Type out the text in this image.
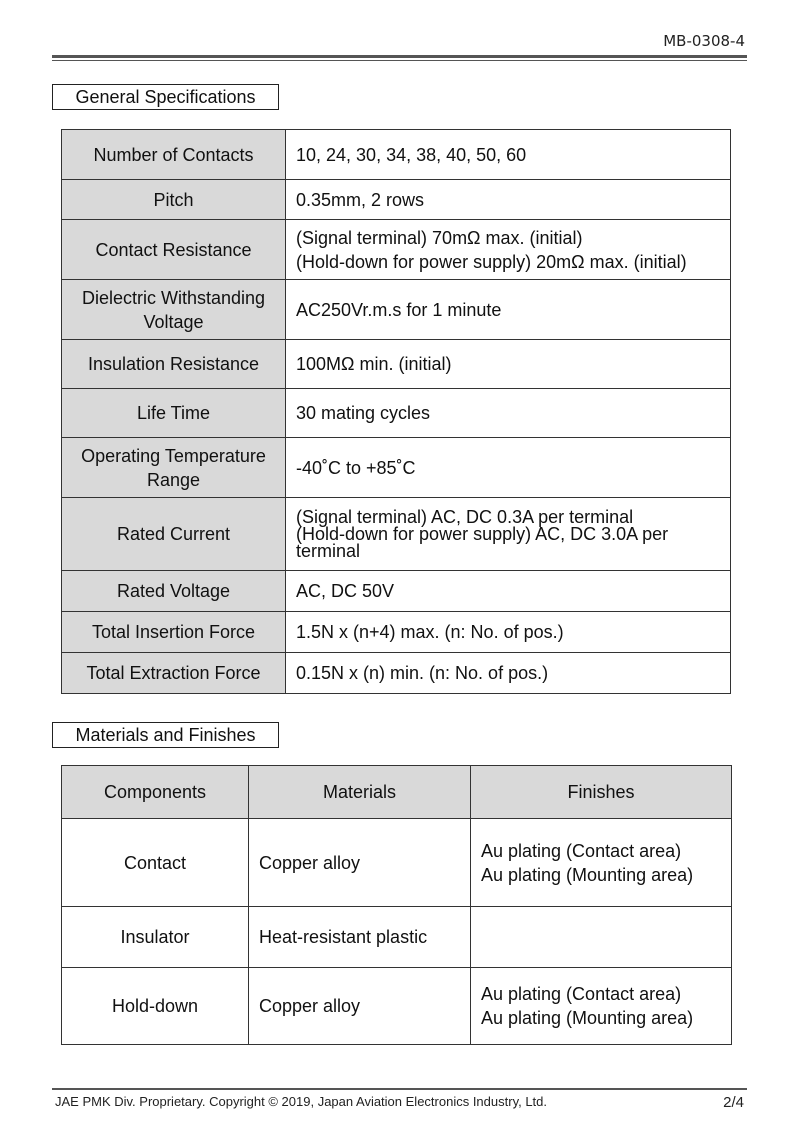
MB-0308-4
General Specifications
Number of Contacts	10, 24, 30, 34, 38, 40, 50, 60
Pitch	0.35mm, 2 rows
Contact Resistance	(Signal terminal) 70mΩ max. (initial)
(Hold-down for power supply) 20mΩ max. (initial)

Dielectric Withstanding Voltage	AC250Vr.m.s for 1 minute
Insulation Resistance	100MΩ min. (initial)
Life Time	30 mating cycles
Operating Temperature Range	-40˚C to +85˚C
Rated Current	(Signal terminal) AC, DC 0.3A per terminal
(Hold-down for power supply) AC, DC 3.0A per
terminal

Rated Voltage	AC, DC 50V
Total Insertion Force	1.5N x (n+4) max. (n: No. of pos.)
Total Extraction Force	0.15N x (n) min. (n: No. of pos.)
Materials and Finishes
Components	Materials	Finishes
Contact	Copper alloy	Au plating (Contact area)
Au plating (Mounting area)

Insulator	Heat-resistant plastic	
Hold-down	Copper alloy	Au plating (Contact area)
Au plating (Mounting area)
JAE PMK Div. Proprietary. Copyright © 2019, Japan Aviation Electronics Industry, Ltd.	2/4
